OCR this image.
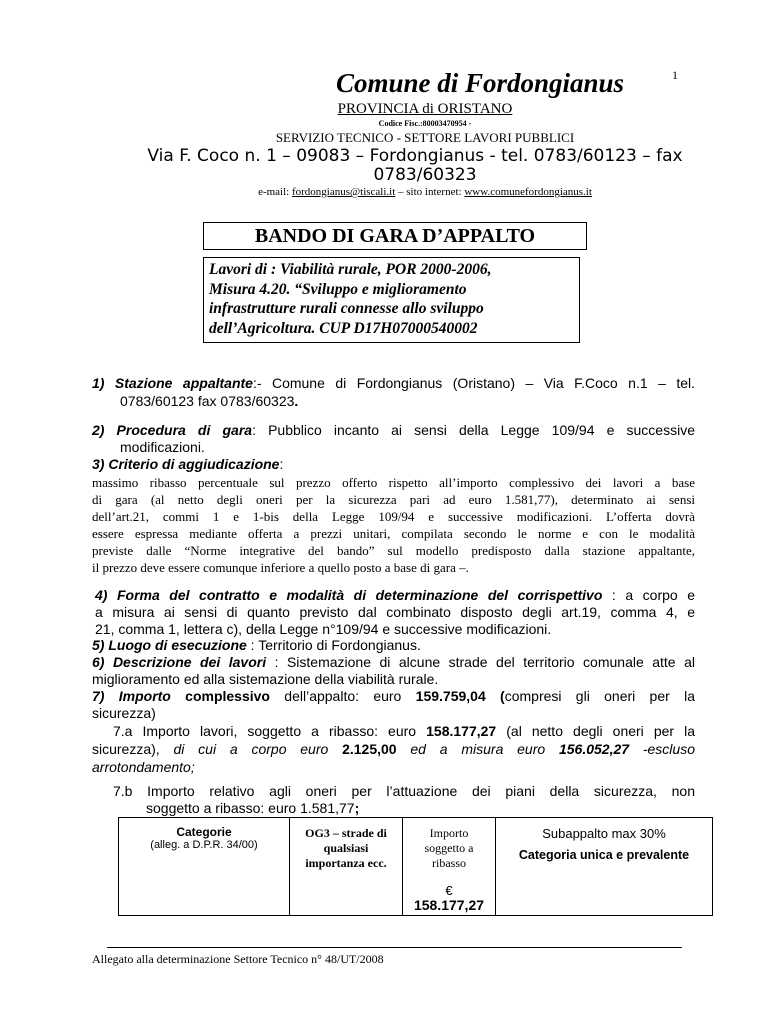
1
Comune di Fordongianus
PROVINCIA di ORISTANO
Codice Fisc.:80003470954 -
SERVIZIO TECNICO - SETTORE LAVORI PUBBLICI
Via F. Coco n. 1 – 09083 – Fordongianus - tel. 0783/60123 – fax
0783/60323
e-mail: fordongianus@tiscali.it – sito internet: www.comunefordongianus.it
BANDO DI GARA D’APPALTO
Lavori di : Viabilità rurale, POR 2000-2006,
Misura 4.20. “Sviluppo e miglioramento
infrastrutture rurali connesse allo sviluppo
dell’Agricoltura. CUP D17H07000540002
1) Stazione appaltante:- Comune di Fordongianus (Oristano) – Via F.Coco n.1 – tel.
0783/60123 fax 0783/60323.
2) Procedura di gara: Pubblico incanto ai sensi della Legge 109/94 e successive
modificazioni.
3) Criterio di aggiudicazione:
massimo ribasso percentuale sul prezzo offerto rispetto all’importo complessivo dei lavori a base
di gara (al netto degli oneri per la sicurezza pari ad euro 1.581,77), determinato ai sensi
dell’art.21, commi 1 e 1-bis della Legge 109/94 e successive modificazioni. L’offerta dovrà
essere espressa mediante offerta a prezzi unitari, compilata secondo le norme e con le modalità
previste dalle “Norme integrative del bando” sul modello predisposto dalla stazione appaltante,
il prezzo deve essere comunque inferiore a quello posto a base di gara –.
4) Forma del contratto e modalità di determinazione del corrispettivo : a corpo e
a misura ai sensi di quanto previsto dal combinato disposto degli art.19, comma 4, e
21, comma 1, lettera c), della Legge n°109/94 e successive modificazioni.
5) Luogo di esecuzione : Territorio di Fordongianus.
6) Descrizione dei lavori : Sistemazione di alcune strade del territorio comunale atte al
miglioramento ed alla sistemazione della viabilità rurale.
7) Importo complessivo dell’appalto: euro 159.759,04 (compresi gli oneri per la
sicurezza)
7.a Importo lavori, soggetto a ribasso: euro 158.177,27 (al netto degli oneri per la
sicurezza), di cui a corpo euro 2.125,00 ed a misura euro 156.052,27 -escluso
arrotondamento;
7.b Importo relativo agli oneri per l’attuazione dei piani della sicurezza, non
soggetto a ribasso: euro 1.581,77;
Categorie
(alleg. a D.P.R. 34/00)

OG3 – strade di
qualsiasi
importanza ecc.

Importo
soggetto a
ribasso
€
158.177,27

Subappalto max 30%
Categoria unica e prevalente
Allegato alla determinazione Settore Tecnico n° 48/UT/2008
